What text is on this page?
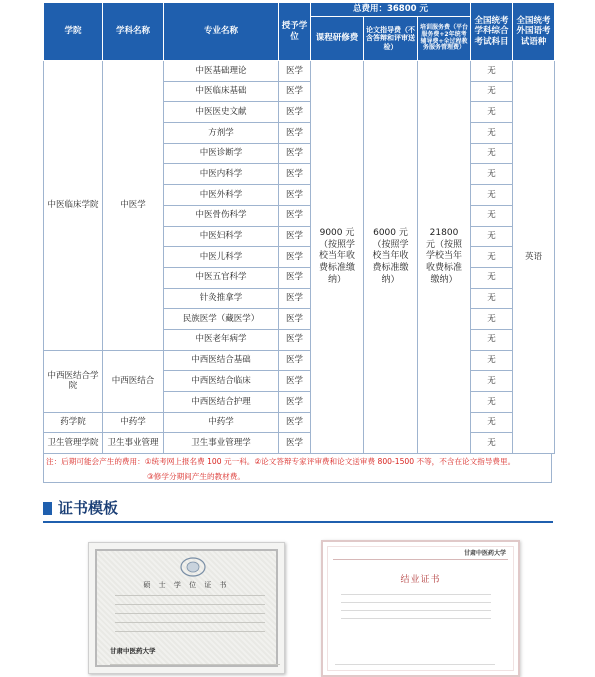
学院	学科名称	专业名称	授予学位	总费用：36800 元			全国统考学科综合考试科目	全国统考外国语考试语种
				课程研修费	论文指导费（不含答辩和评审送检）	培训服务费（平台服务费+2年统考辅导费+全过程教务服务管理费）		
中医临床学院	中医学	中医基础理论	医学	9000 元（按照学校当年收费标准缴纳）	6000 元（按照学校当年收费标准缴纳）	21800 元（按照学校当年收费标准缴纳）	无	英语
		中医临床基础	医学				无	
		中医医史文献	医学				无	
		方剂学	医学				无	
		中医诊断学	医学				无	
		中医内科学	医学				无	
		中医外科学	医学				无	
		中医骨伤科学	医学				无	
		中医妇科学	医学				无	
		中医儿科学	医学				无	
		中医五官科学	医学				无	
		针灸推拿学	医学				无	
		民族医学（藏医学）	医学				无	
		中医老年病学	医学				无	
中西医结合学院	中西医结合	中西医结合基础	医学				无	
		中西医结合临床	医学				无	
		中西医结合护理	医学				无	
药学院	中药学	中药学	医学				无	
卫生管理学院	卫生事业管理	卫生事业管理学	医学				无	
注：后期可能会产生的费用：①统考网上报名费 100 元一科。②论文答辩专家评审费和论文送审费 800-1500 不等，不含在论文指导费里。
③修学分期间产生的教材费。
证书模板
硕 士 学 位 证 书
甘肃中医药大学
甘肃中医药大学
结业证书
